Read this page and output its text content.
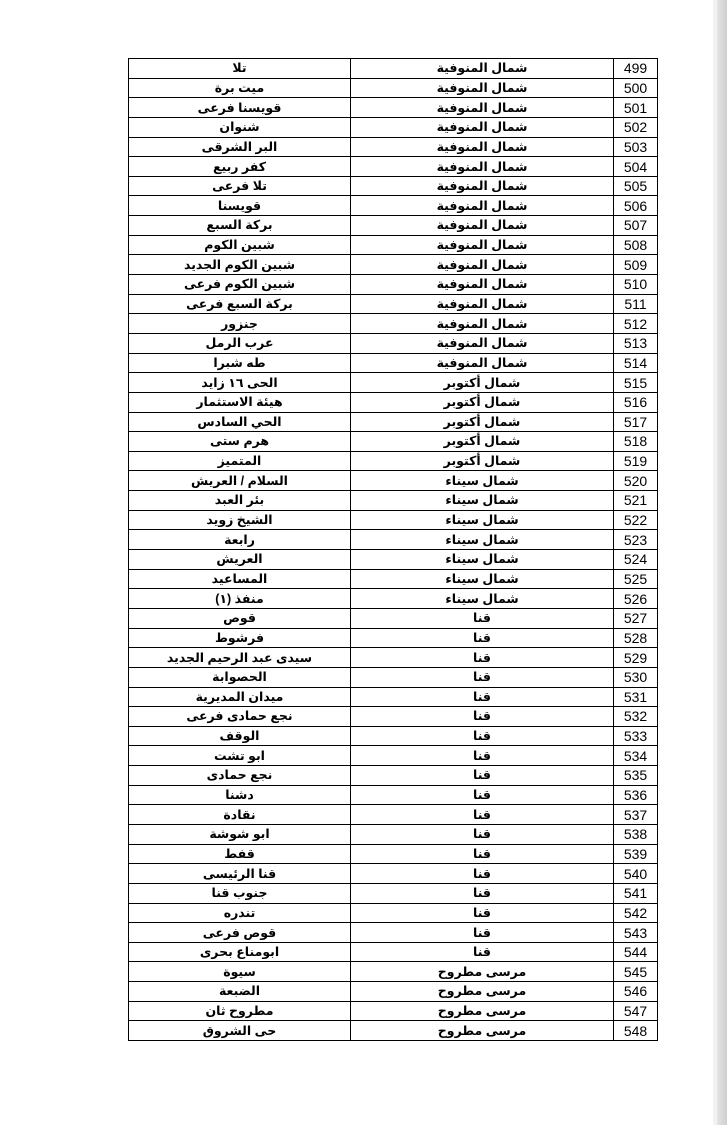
تلا	شمال المنوفية	499
ميت برة	شمال المنوفية	500
قويسنا فرعى	شمال المنوفية	501
شنوان	شمال المنوفية	502
البر الشرقى	شمال المنوفية	503
كفر ربيع	شمال المنوفية	504
تلا فرعى	شمال المنوفية	505
قويسنا	شمال المنوفية	506
بركة السبع	شمال المنوفية	507
شبين الكوم	شمال المنوفية	508
شبين الكوم الجديد	شمال المنوفية	509
شبين الكوم فرعى	شمال المنوفية	510
بركة السبع فرعى	شمال المنوفية	511
جنزور	شمال المنوفية	512
عرب الرمل	شمال المنوفية	513
طه شبرا	شمال المنوفية	514
الحى ١٦ زايد	شمال أكتوبر	515
هيئة الاستثمار	شمال أكتوبر	516
الحي السادس	شمال أكتوبر	517
هرم ستى	شمال أكتوبر	518
المتميز	شمال أكتوبر	519
السلام / العريش	شمال سيناء	520
بئر العبد	شمال سيناء	521
الشيخ زويد	شمال سيناء	522
رابعة	شمال سيناء	523
العريش	شمال سيناء	524
المساعيد	شمال سيناء	525
منفذ (١)	شمال سيناء	526
قوص	قنا	527
فرشوط	قنا	528
سيدى عبد الرحيم الجديد	قنا	529
الحصوابة	قنا	530
ميدان المديرية	قنا	531
نجع حمادى فرعى	قنا	532
الوقف	قنا	533
ابو تشت	قنا	534
نجع حمادى	قنا	535
دشنا	قنا	536
نقادة	قنا	537
ابو شوشة	قنا	538
قفط	قنا	539
قنا الرئيسى	قنا	540
جنوب قنا	قنا	541
تندره	قنا	542
قوص فرعى	قنا	543
ابومناع بحرى	قنا	544
سيوة	مرسى مطروح	545
الضبعة	مرسى مطروح	546
مطروح ثان	مرسى مطروح	547
حى الشروق	مرسى مطروح	548
